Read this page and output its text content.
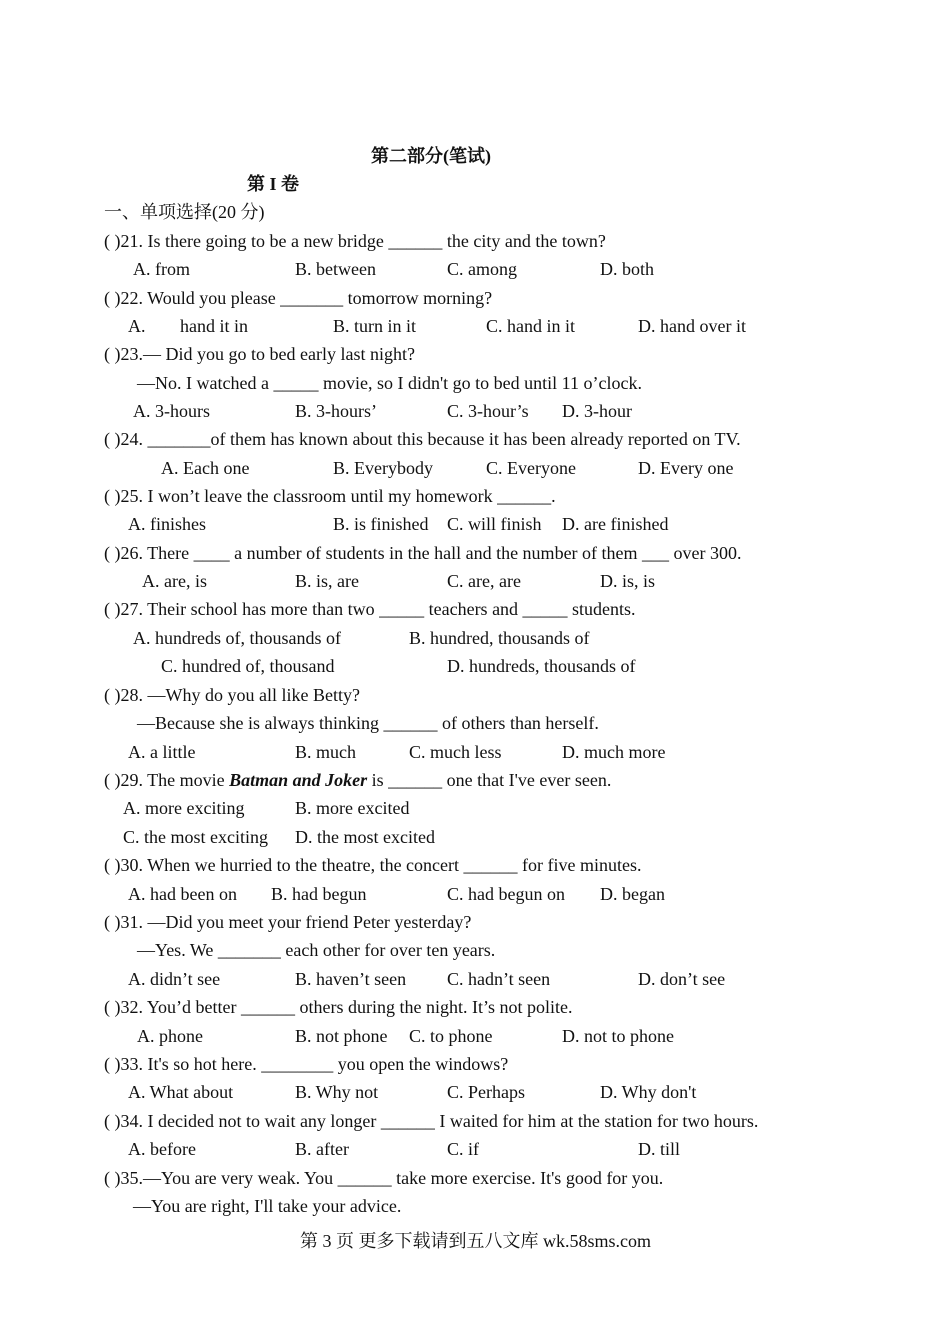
第二部分(笔试)
第 I 卷
一、单项选择(20 分)
( )21. Is there going to be a new bridge ______ the city and the town?
A. from	B. between	C. among	D. both
( )22. Would you please _______ tomorrow morning?
A. hand it in	B. turn in it	C. hand in it	D. hand over it
( )23.— Did you go to bed early last night?
—No. I watched a _____ movie, so I didn't go to bed until 11 o’clock.
A. 3-hours	B. 3-hours’	C. 3-hour’s D. 3-hour
( )24. _______of them has known about this because it has been already reported on TV.
A. Each one	B. Everybody	C. Everyone	D. Every one
( )25. I won’t leave the classroom until my homework ______.
A. finishes	B. is finished C. will finish D. are finished
( )26. There ____ a number of students in the hall and the number of them ___ over 300.
A. are, is	B. is, are	C. are, are	D. is, is
( )27. Their school has more than two _____ teachers and _____ students.
A. hundreds of, thousands of	B. hundred, thousands of
C. hundred of, thousand	D. hundreds, thousands of
( )28. —Why do you all like Betty?
—Because she is always thinking ______ of others than herself.
A. a little	B. much	C. much less	D. much more
( )29. The movie Batman and Joker is ______ one that I've ever seen.
A. more exciting	B. more excited
C. the most exciting D. the most excited
( )30. When we hurried to the theatre, the concert ______ for five minutes.
A. had been on B. had begun	C. had begun on D. began
( )31. —Did you meet your friend Peter yesterday?
—Yes. We _______ each other for over ten years.
A. didn’t see	B. haven’t seen C. hadn’t seen	D. don’t see
( )32. You’d better ______ others during the night. It’s not polite.
A. phone	B. not phone C. to phone	D. not to phone
( )33. It's so hot here. ________ you open the windows?
A. What about	B. Why not	C. Perhaps	D. Why don't
( )34. I decided not to wait any longer ______ I waited for him at the station for two hours.
A. before	B. after	C. if	D. till
( )35.—You are very weak. You ______ take more exercise. It's good for you.
—You are right, I'll take your advice.
第 3 页 更多下载请到五八文库 wk.58sms.com
